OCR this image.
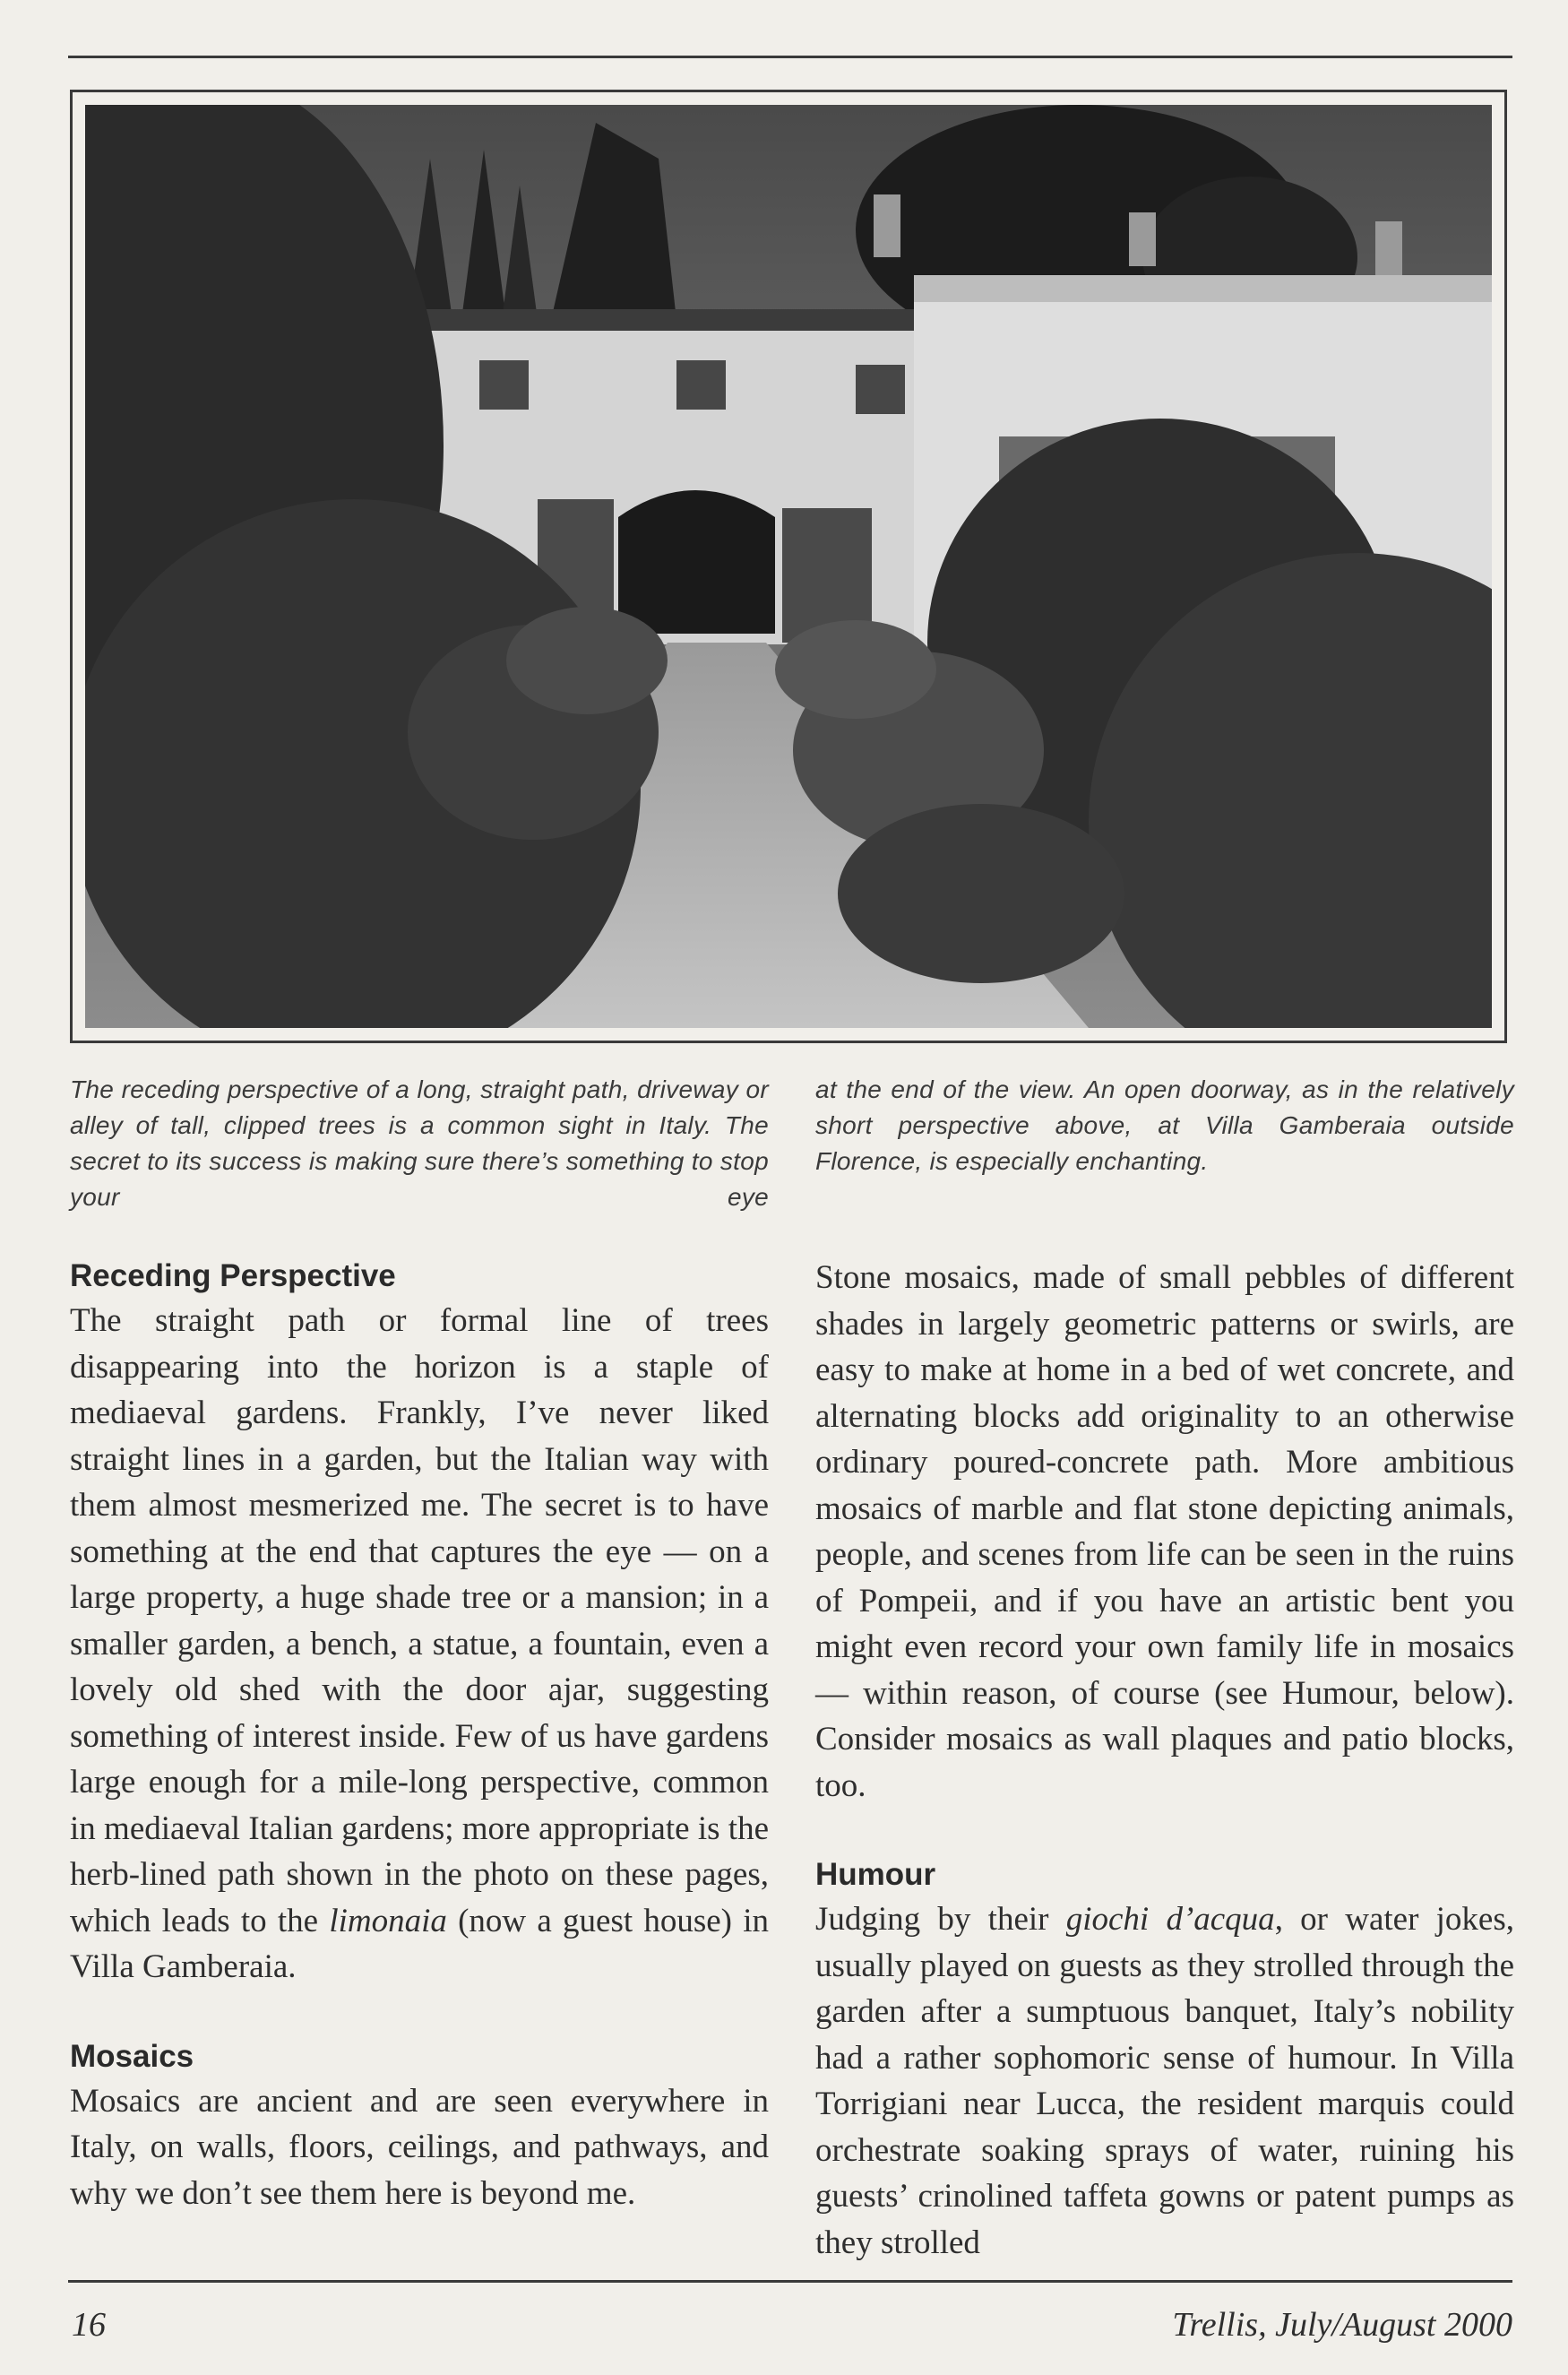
The receding perspective of a long, straight path, driveway or alley of tall, clipped trees is a common sight in Italy. The secret to its success is making sure there’s something to stop your eye
at the end of the view. An open doorway, as in the relatively short perspective above, at Villa Gamberaia outside Florence, is especially enchanting.
Receding Perspective

The straight path or formal line of trees disappearing into the horizon is a staple of mediaeval gardens. Frankly, I’ve never liked straight lines in a garden, but the Italian way with them almost mesmerized me. The secret is to have something at the end that captures the eye — on a large property, a huge shade tree or a mansion; in a smaller garden, a bench, a statue, a fountain, even a lovely old shed with the door ajar, suggesting something of interest inside. Few of us have gardens large enough for a mile-long perspective, common in mediaeval Italian gardens; more appropriate is the herb-lined path shown in the photo on these pages, which leads to the limonaia (now a guest house) in Villa Gamberaia.

Mosaics

Mosaics are ancient and are seen everywhere in Italy, on walls, floors, ceilings, and pathways, and why we don’t see them here is beyond me.

Stone mosaics, made of small pebbles of different shades in largely geometric patterns or swirls, are easy to make at home in a bed of wet concrete, and alternating blocks add originality to an otherwise ordinary poured-concrete path. More ambitious mosaics of marble and flat stone depicting animals, people, and scenes from life can be seen in the ruins of Pompeii, and if you have an artistic bent you might even record your own family life in mosaics — within reason, of course (see Humour, below). Consider mosaics as wall plaques and patio blocks, too.

Humour

Judging by their giochi d’acqua, or water jokes, usually played on guests as they strolled through the garden after a sumptuous banquet, Italy’s nobility had a rather sophomoric sense of humour. In Villa Torrigiani near Lucca, the resident marquis could orchestrate soaking sprays of water, ruining his guests’ crinolined taffeta gowns or patent pumps as they strolled

16	Trellis, July/August 2000
